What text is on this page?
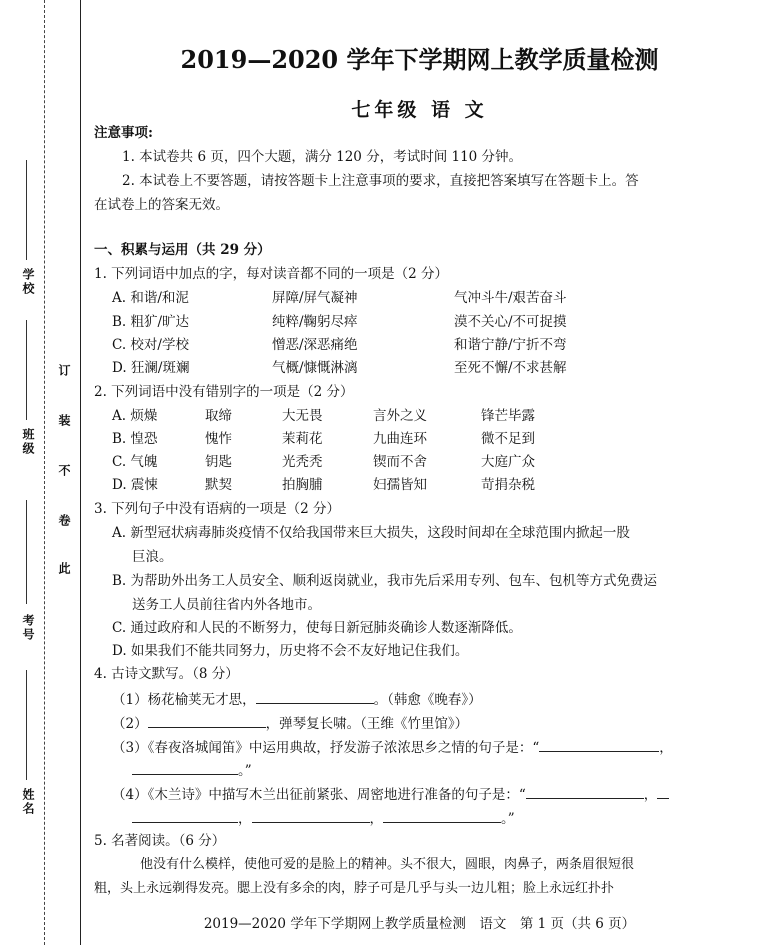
学校
班级
考号
姓名
订
装
不
卷
此
2019—2020 学年下学期网上教学质量检测
七年级 语 文
注意事项:
1. 本试卷共 6 页，四个大题，满分 120 分，考试时间 110 分钟。
2. 本试卷上不要答题，请按答题卡上注意事项的要求，直接把答案填写在答题卡上。答
在试卷上的答案无效。
一、积累与运用（共 29 分）
1. 下列词语中加点的字，每对读音都不同的一项是（2 分）
A. 和谐/和泥	屏障/屏气凝神	气冲斗牛/艰苦奋斗
B. 粗犷/旷达	纯粹/鞠躬尽瘁	漠不关心/不可捉摸
C. 校对/学校	憎恶/深恶痛绝	和谐宁静/宁折不弯
D. 狂澜/斑斓	气概/慷慨淋漓	至死不懈/不求甚解
2. 下列词语中没有错别字的一项是（2 分）
A. 烦燥	取缔	大无畏	言外之义	锋芒毕露
B. 惶恐	愧怍	茉莉花	九曲连环	微不足到
C. 气魄	钥匙	光秃秃	锲而不舍	大庭广众
D. 震悚	默契	拍胸脯	妇孺皆知	苛捐杂税
3. 下列句子中没有语病的一项是（2 分）
A. 新型冠状病毒肺炎疫情不仅给我国带来巨大损失，这段时间却在全球范围内掀起一股
巨浪。
B. 为帮助外出务工人员安全、顺利返岗就业，我市先后采用专列、包车、包机等方式免费运
送务工人员前往省内外各地市。
C. 通过政府和人民的不断努力，使每日新冠肺炎确诊人数逐渐降低。
D. 如果我们不能共同努力，历史将不会不友好地记住我们。
4. 古诗文默写。（8 分）
（1）杨花榆荚无才思，	。（韩愈《晚春》）
（2）	，弹琴复长啸。（王维《竹里馆》）
（3）《春夜洛城闻笛》中运用典故，抒发游子浓浓思乡之情的句子是：“	，
。”
（4）《木兰诗》中描写木兰出征前紧张、周密地进行准备的句子是：“	，
，	，	。”
5. 名著阅读。（6 分）
他没有什么模样，使他可爱的是脸上的精神。头不很大，圆眼，肉鼻子，两条眉很短很
粗，头上永远剃得发亮。腮上没有多余的肉，脖子可是几乎与头一边儿粗；脸上永远红扑扑
2019—2020 学年下学期网上教学质量检测　语文　第 1 页（共 6 页）
